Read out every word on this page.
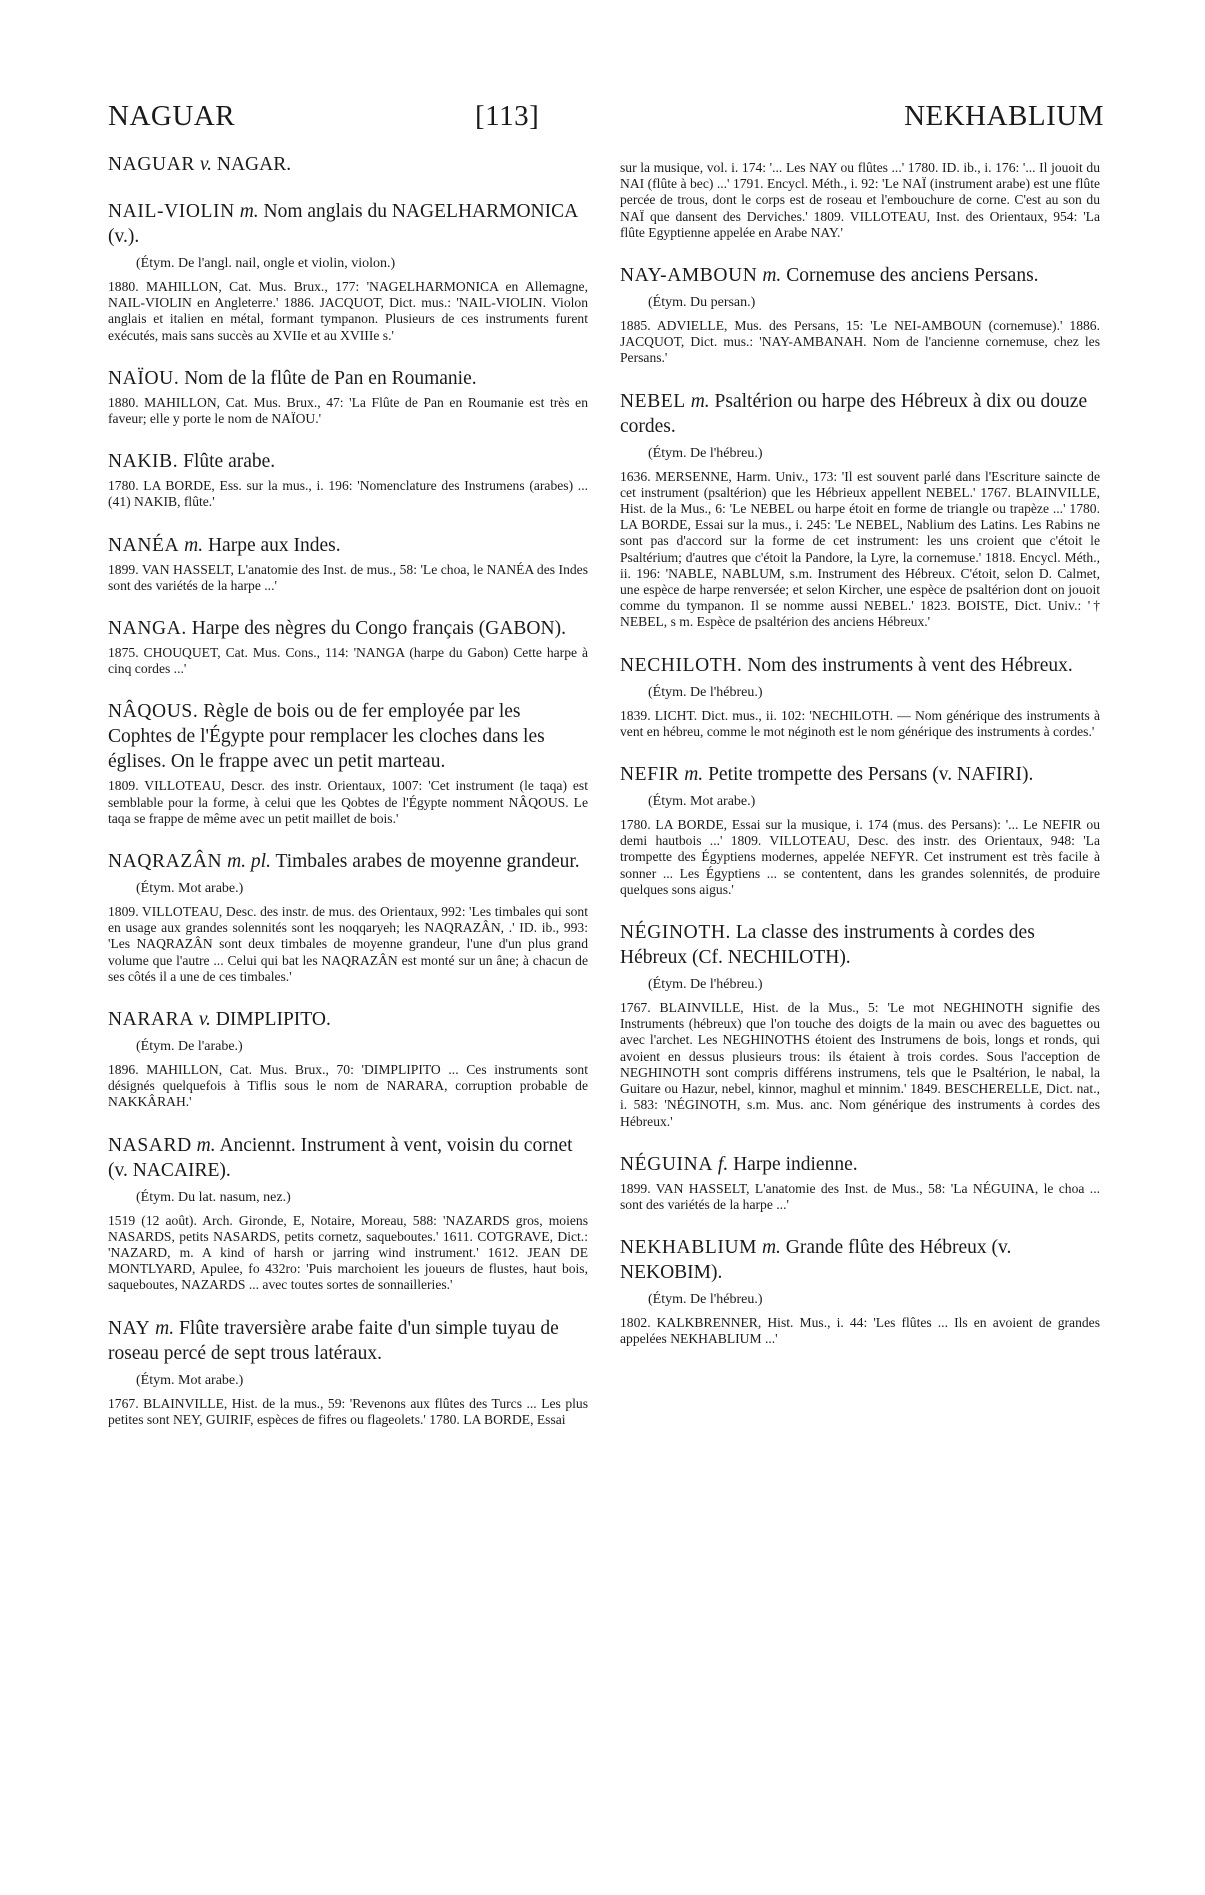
NAGUAR	[113]	NEKHABLIUM

NAGUAR v. NAGAR.

NAIL-VIOLIN m. Nom anglais du NAGELHARMONICA (v.).

(Étym. De l'angl. nail, ongle et violin, violon.)

1880. MAHILLON, Cat. Mus. Brux., 177: 'NAGELHARMONICA en Allemagne, NAIL-VIOLIN en Angleterre.' 1886. JACQUOT, Dict. mus.: 'NAIL-VIOLIN. Violon anglais et italien en métal, formant tympanon. Plusieurs de ces instruments furent exécutés, mais sans succès au XVIIe et au XVIIIe s.'

NAÏOU. Nom de la flûte de Pan en Roumanie.

1880. MAHILLON, Cat. Mus. Brux., 47: 'La Flûte de Pan en Roumanie est très en faveur; elle y porte le nom de NAÏOU.'

NAKIB. Flûte arabe.

1780. LA BORDE, Ess. sur la mus., i. 196: 'Nomenclature des Instrumens (arabes) ... (41) NAKIB, flûte.'

NANÉA m. Harpe aux Indes.

1899. VAN HASSELT, L'anatomie des Inst. de mus., 58: 'Le choa, le NANÉA des Indes sont des variétés de la harpe ...'

NANGA. Harpe des nègres du Congo français (GABON).

1875. CHOUQUET, Cat. Mus. Cons., 114: 'NANGA (harpe du Gabon) Cette harpe à cinq cordes ...'

NÂQOUS. Règle de bois ou de fer employée par les Cophtes de l'Égypte pour remplacer les cloches dans les églises. On le frappe avec un petit marteau.

1809. VILLOTEAU, Descr. des instr. Orientaux, 1007: 'Cet instrument (le taqa) est semblable pour la forme, à celui que les Qobtes de l'Égypte nomment NÂQOUS. Le taqa se frappe de même avec un petit maillet de bois.'

NAQRAZÂN m. pl. Timbales arabes de moyenne grandeur.

(Étym. Mot arabe.)

1809. VILLOTEAU, Desc. des instr. de mus. des Orientaux, 992: 'Les timbales qui sont en usage aux grandes solennités sont les noqqaryeh; les NAQRAZÂN, .' ID. ib., 993: 'Les NAQRAZÂN sont deux timbales de moyenne grandeur, l'une d'un plus grand volume que l'autre ... Celui qui bat les NAQRAZÂN est monté sur un âne; à chacun de ses côtés il a une de ces timbales.'

NARARA v. DIMPLIPITO.

(Étym. De l'arabe.)

1896. MAHILLON, Cat. Mus. Brux., 70: 'DIMPLIPITO ... Ces instruments sont désignés quelquefois à Tiflis sous le nom de NARARA, corruption probable de NAKKÂRAH.'

NASARD m. Anciennt. Instrument à vent, voisin du cornet (v. NACAIRE).

(Étym. Du lat. nasum, nez.)

1519 (12 août). Arch. Gironde, E, Notaire, Moreau, 588: 'NAZARDS gros, moiens NASARDS, petits NASARDS, petits cornetz, saqueboutes.' 1611. COTGRAVE, Dict.: 'NAZARD, m. A kind of harsh or jarring wind instrument.' 1612. JEAN DE MONTLYARD, Apulee, fo 432ro: 'Puis marchoient les joueurs de flustes, haut bois, saqueboutes, NAZARDS ... avec toutes sortes de sonnailleries.'

NAY m. Flûte traversière arabe faite d'un simple tuyau de roseau percé de sept trous latéraux.

(Étym. Mot arabe.)

1767. BLAINVILLE, Hist. de la mus., 59: 'Revenons aux flûtes des Turcs ... Les plus petites sont NEY, GUIRIF, espèces de fifres ou flageolets.' 1780. LA BORDE, Essai

sur la musique, vol. i. 174: '... Les NAY ou flûtes ...' 1780. ID. ib., i. 176: '... Il jouoit du NAI (flûte à bec) ...' 1791. Encycl. Méth., i. 92: 'Le NAÏ (instrument arabe) est une flûte percée de trous, dont le corps est de roseau et l'embouchure de corne. C'est au son du NAÏ que dansent des Derviches.' 1809. VILLOTEAU, Inst. des Orientaux, 954: 'La flûte Egyptienne appelée en Arabe NAY.'

NAY-AMBOUN m. Cornemuse des anciens Persans.

(Étym. Du persan.)

1885. ADVIELLE, Mus. des Persans, 15: 'Le NEI-AMBOUN (cornemuse).' 1886. JACQUOT, Dict. mus.: 'NAY-AMBANAH. Nom de l'ancienne cornemuse, chez les Persans.'

NEBEL m. Psaltérion ou harpe des Hébreux à dix ou douze cordes.

(Étym. De l'hébreu.)

1636. MERSENNE, Harm. Univ., 173: 'Il est souvent parlé dans l'Escriture saincte de cet instrument (psaltérion) que les Hébrieux appellent NEBEL.' 1767. BLAINVILLE, Hist. de la Mus., 6: 'Le NEBEL ou harpe étoit en forme de triangle ou trapèze ...' 1780. LA BORDE, Essai sur la mus., i. 245: 'Le NEBEL, Nablium des Latins. Les Rabins ne sont pas d'accord sur la forme de cet instrument: les uns croient que c'étoit le Psaltérium; d'autres que c'étoit la Pandore, la Lyre, la cornemuse.' 1818. Encycl. Méth., ii. 196: 'NABLE, NABLUM, s.m. Instrument des Hébreux. C'étoit, selon D. Calmet, une espèce de harpe renversée; et selon Kircher, une espèce de psaltérion dont on jouoit comme du tympanon. Il se nomme aussi NEBEL.' 1823. BOISTE, Dict. Univ.: '† NEBEL, s m. Espèce de psaltérion des anciens Hébreux.'

NECHILOTH. Nom des instruments à vent des Hébreux.

(Étym. De l'hébreu.)

1839. LICHT. Dict. mus., ii. 102: 'NECHILOTH. — Nom générique des instruments à vent en hébreu, comme le mot néginoth est le nom générique des instruments à cordes.'

NEFIR m. Petite trompette des Persans (v. NAFIRI).

(Étym. Mot arabe.)

1780. LA BORDE, Essai sur la musique, i. 174 (mus. des Persans): '... Le NEFIR ou demi hautbois ...' 1809. VILLOTEAU, Desc. des instr. des Orientaux, 948: 'La trompette des Égyptiens modernes, appelée NEFYR. Cet instrument est très facile à sonner ... Les Égyptiens ... se contentent, dans les grandes solennités, de produire quelques sons aigus.'

NÉGINOTH. La classe des instruments à cordes des Hébreux (Cf. NECHILOTH).

(Étym. De l'hébreu.)

1767. BLAINVILLE, Hist. de la Mus., 5: 'Le mot NEGHINOTH signifie des Instruments (hébreux) que l'on touche des doigts de la main ou avec des baguettes ou avec l'archet. Les NEGHINOTHS étoient des Instrumens de bois, longs et ronds, qui avoient en dessus plusieurs trous: ils étaient à trois cordes. Sous l'acception de NEGHINOTH sont compris différens instrumens, tels que le Psaltérion, le nabal, la Guitare ou Hazur, nebel, kinnor, maghul et minnim.' 1849. BESCHERELLE, Dict. nat., i. 583: 'NÉGINOTH, s.m. Mus. anc. Nom générique des instruments à cordes des Hébreux.'

NÉGUINA f. Harpe indienne.

1899. VAN HASSELT, L'anatomie des Inst. de Mus., 58: 'La NÉGUINA, le choa ... sont des variétés de la harpe ...'

NEKHABLIUM m. Grande flûte des Hébreux (v. NEKOBIM).

(Étym. De l'hébreu.)

1802. KALKBRENNER, Hist. Mus., i. 44: 'Les flûtes ... Ils en avoient de grandes appelées NEKHABLIUM ...'
